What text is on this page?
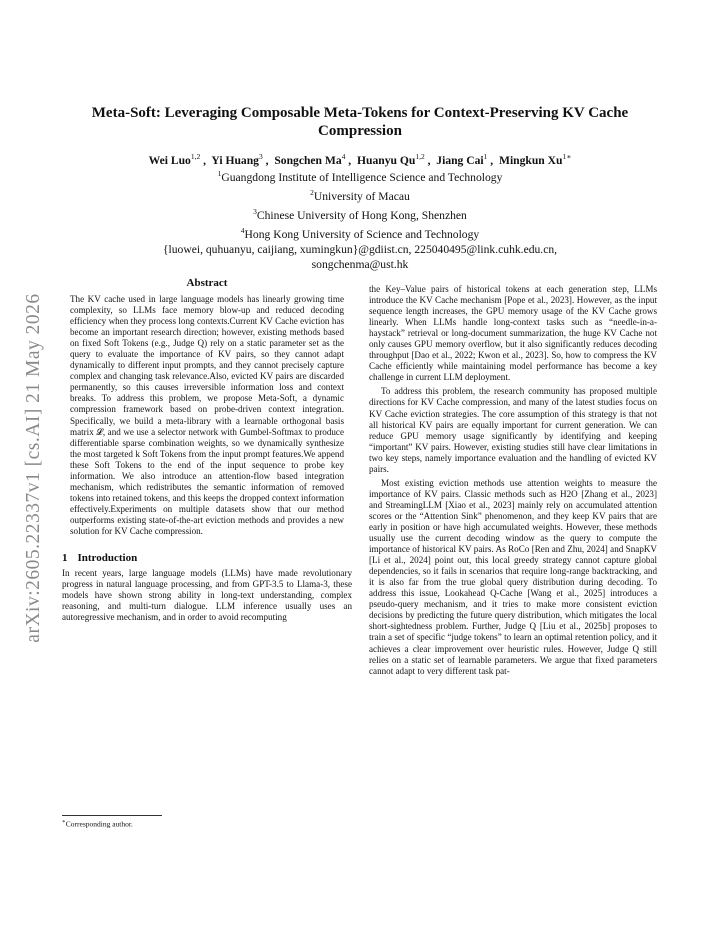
arXiv:2605.22337v1 [cs.AI] 21 May 2026
Meta-Soft: Leveraging Composable Meta-Tokens for Context-Preserving KV Cache Compression
Wei Luo$^{1,2}$ ,  Yi Huang$^3$ ,  Songchen Ma$^4$ ,  Huanyu Qu$^{1,2}$ ,  Jiang Cai$^1$ ,  Mingkun $Xu^{1∗}$
$^1$Guangdong Institute of Intelligence Science and Technology
$^2$University of Macau
$^3$Chinese University of Hong Kong, Shenzhen
$^4$Hong Kong University of Science and Technology
{luowei, quhuanyu, caijiang, xumingkun}@gdiist.cn, 225040495@link.cuhk.edu.cn,
songchenma@ust.hk
Abstract

The KV cache used in large language models has linearly growing time complexity, so LLMs face memory blow-up and reduced decoding efficiency when they process long contexts.Current KV Cache eviction has become an important research direction; however, existing methods based on fixed Soft Tokens (e.g., Judge Q) rely on a static parameter set as the query to evaluate the importance of KV pairs, so they cannot adapt dynamically to different input prompts, and they cannot precisely capture complex and changing task relevance.Also, evicted KV pairs are discarded permanently, so this causes irreversible information loss and context breaks. To address this problem, we propose Meta-Soft, a dynamic compression framework based on probe-driven context integration. Specifically, we build a meta-library with a learnable orthogonal basis matrix 𝓛, and we use a selector network with Gumbel-Softmax to produce differentiable sparse combination weights, so we dynamically synthesize the most targeted k Soft Tokens from the input prompt features.We append these Soft Tokens to the end of the input sequence to probe key information. We also introduce an attention-flow based integration mechanism, which redistributes the semantic information of removed tokens into retained tokens, and this keeps the dropped context information effectively.Experiments on multiple datasets show that our method outperforms existing state-of-the-art eviction methods and provides a new solution for KV Cache compression.

1 Introduction

In recent years, large language models (LLMs) have made revolutionary progress in natural language processing, and from GPT-3.5 to Llama-3, these models have shown strong ability in long-text understanding, complex reasoning, and multi-turn dialogue. LLM inference usually uses an autoregressive mechanism, and in order to avoid recomputing

∗Corresponding author.

the Key–Value pairs of historical tokens at each generation step, LLMs introduce the KV Cache mechanism [Pope et al., 2023]. However, as the input sequence length increases, the GPU memory usage of the KV Cache grows linearly. When LLMs handle long-context tasks such as “needle-in-a-haystack” retrieval or long-document summarization, the huge KV Cache not only causes GPU memory overflow, but it also significantly reduces decoding throughput [Dao et al., 2022; Kwon et al., 2023]. So, how to compress the KV Cache efficiently while maintaining model performance has become a key challenge in current LLM deployment.

To address this problem, the research community has proposed multiple directions for KV Cache compression, and many of the latest studies focus on KV Cache eviction strategies. The core assumption of this strategy is that not all historical KV pairs are equally important for current generation. We can reduce GPU memory usage significantly by identifying and keeping “important” KV pairs. However, existing studies still have clear limitations in two key steps, namely importance evaluation and the handling of evicted KV pairs.

Most existing eviction methods use attention weights to measure the importance of KV pairs. Classic methods such as H2O [Zhang et al., 2023] and StreamingLLM [Xiao et al., 2023] mainly rely on accumulated attention scores or the “Attention Sink” phenomenon, and they keep KV pairs that are early in position or have high accumulated weights. However, these methods usually use the current decoding window as the query to compute the importance of historical KV pairs. As RoCo [Ren and Zhu, 2024] and SnapKV [Li et al., 2024] point out, this local greedy strategy cannot capture global dependencies, so it fails in scenarios that require long-range backtracking, and it is also far from the true global query distribution during decoding. To address this issue, Lookahead Q-Cache [Wang et al., 2025] introduces a pseudo-query mechanism, and it tries to make more consistent eviction decisions by predicting the future query distribution, which mitigates the local short-sightedness problem. Further, Judge Q [Liu et al., 2025b] proposes to train a set of specific “judge tokens” to learn an optimal retention policy, and it achieves a clear improvement over heuristic rules. However, Judge Q still relies on a static set of learnable parameters. We argue that fixed parameters cannot adapt to very different task pat-
